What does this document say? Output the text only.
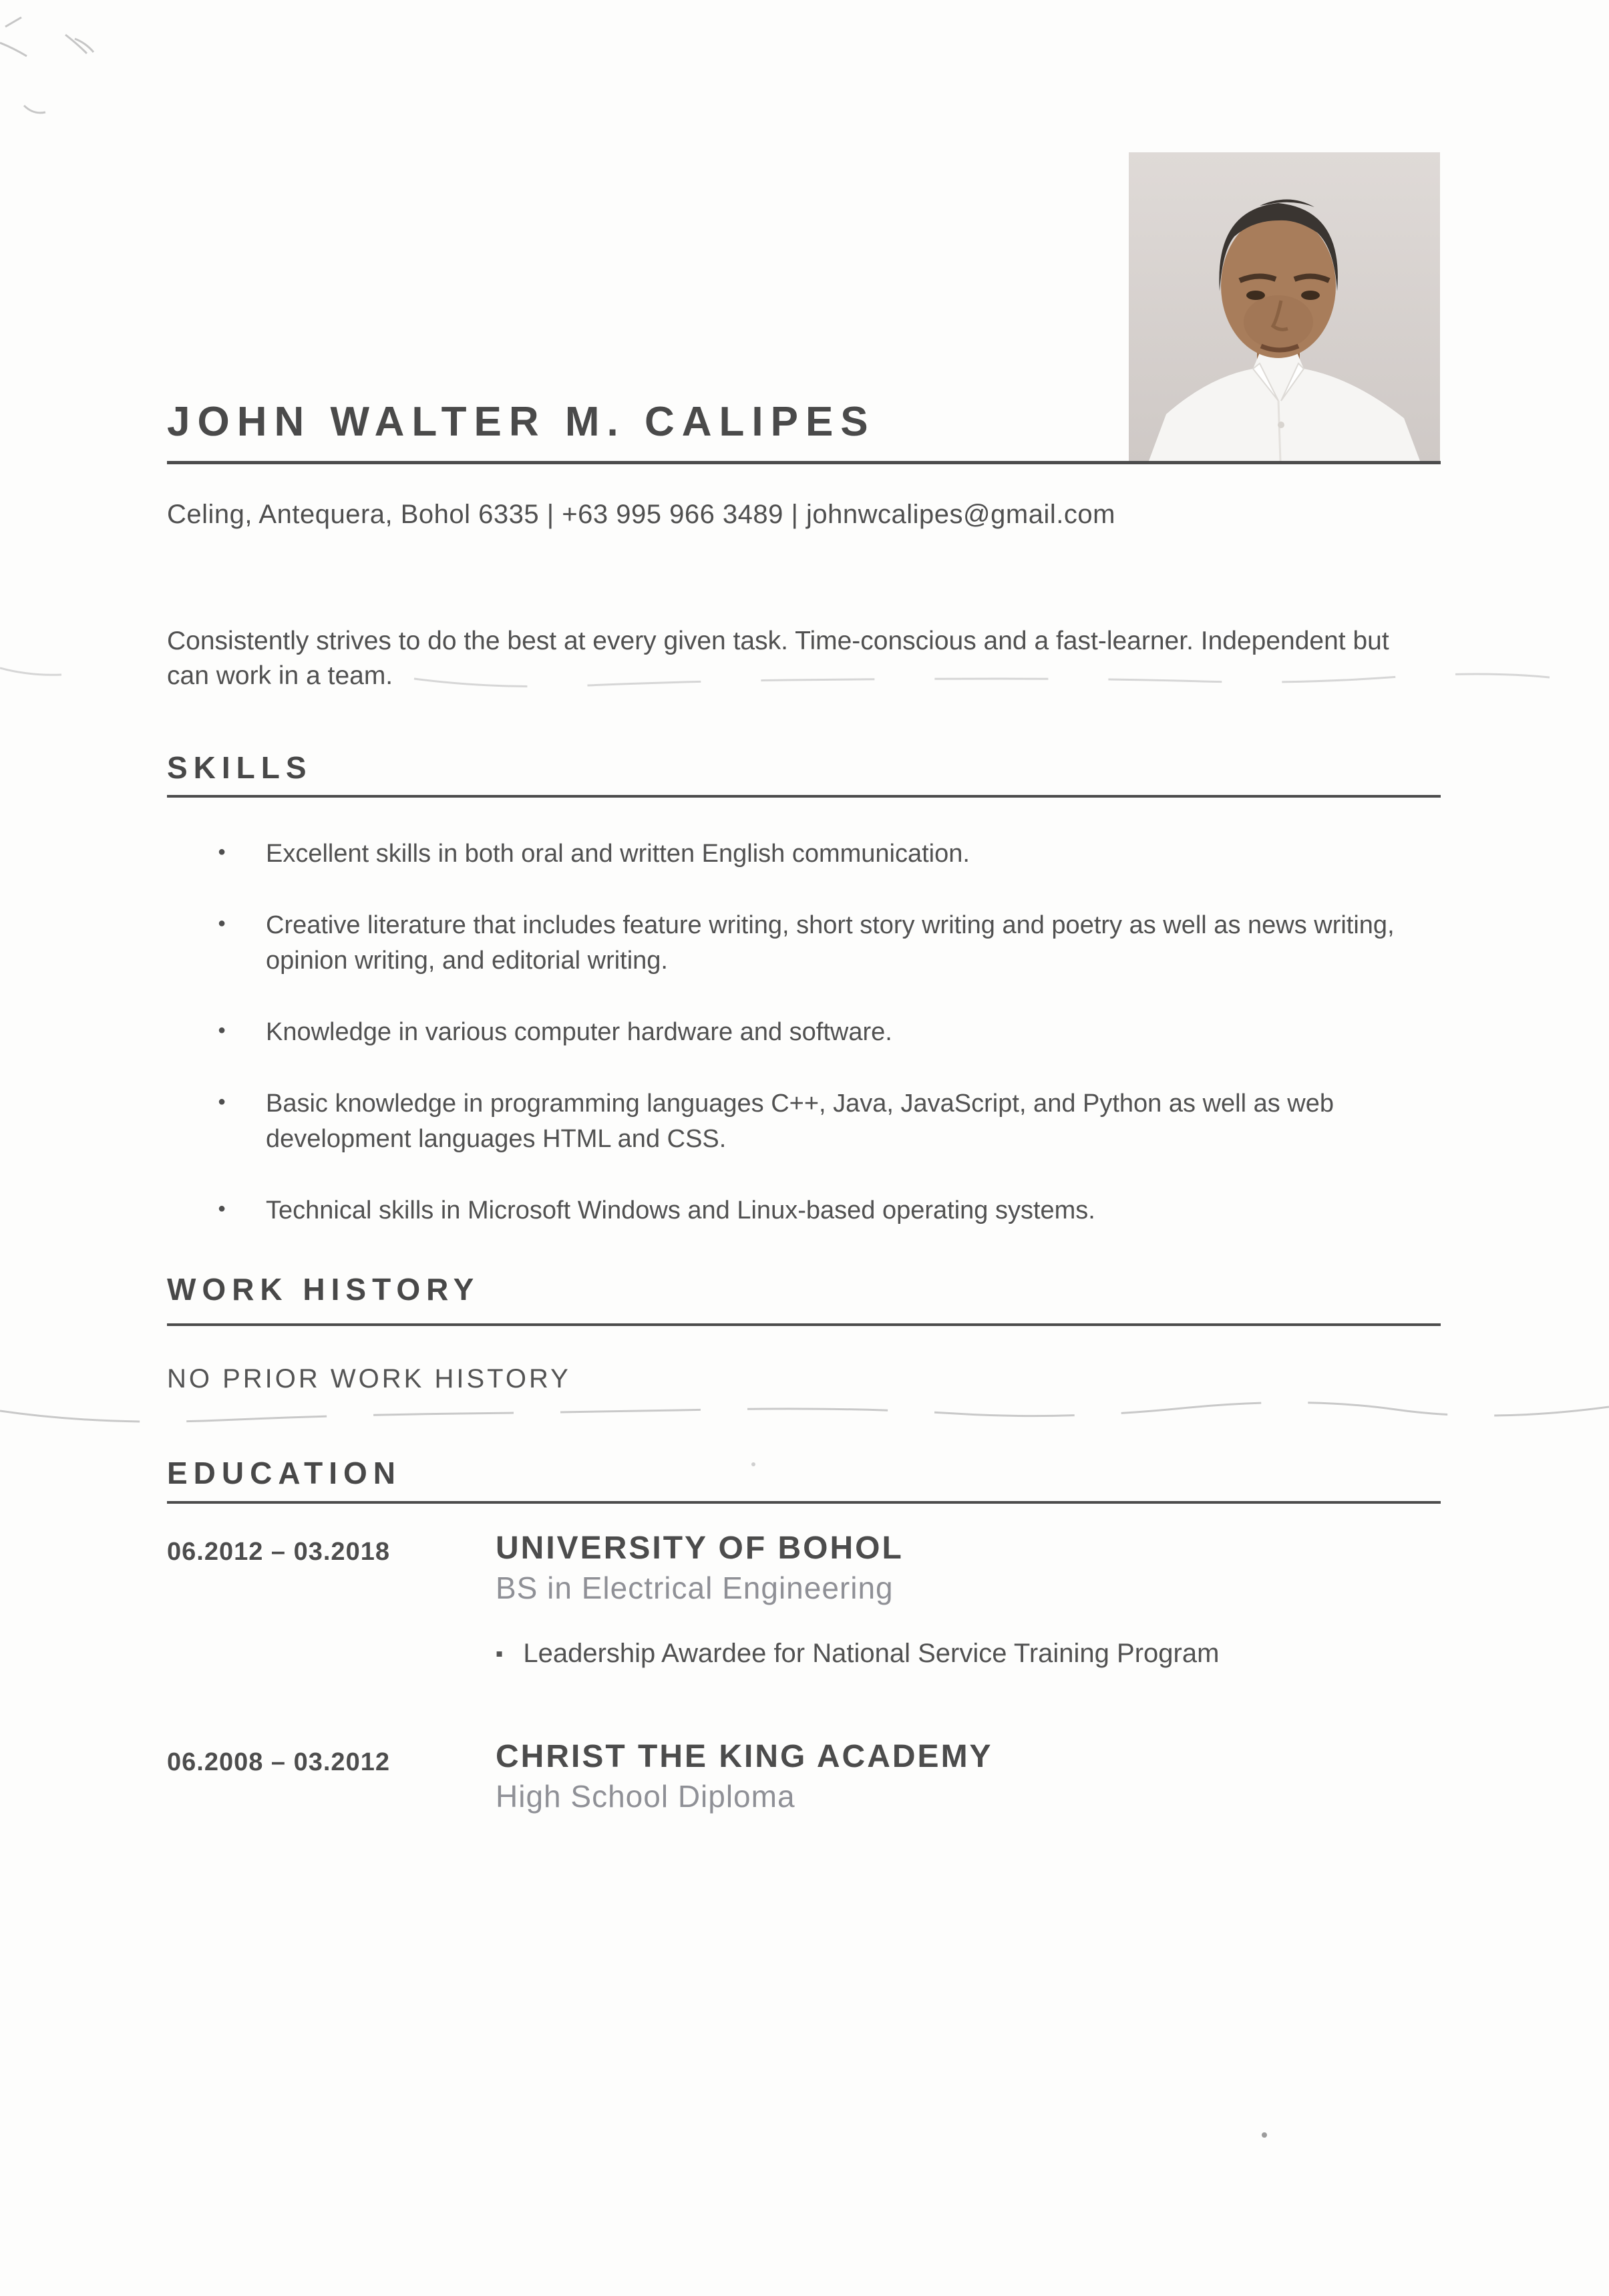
JOHN WALTER M. CALIPES
Celing, Antequera, Bohol 6335 | +63 995 966 3489 | johnwcalipes@gmail.com

Consistently strives to do the best at every given task. Time-conscious and a fast-learner. Independent but can work in a team.

SKILLS
● Excellent skills in both oral and written English communication.
● Creative literature that includes feature writing, short story writing and poetry as well as news writing, opinion writing, and editorial writing.
● Knowledge in various computer hardware and software.
● Basic knowledge in programming languages C++, Java, JavaScript, and Python as well as web development languages HTML and CSS.
● Technical skills in Microsoft Windows and Linux-based operating systems.
WORK HISTORY
NO PRIOR WORK HISTORY
EDUCATION
06.2012 – 03.2018	UNIVERSITY OF BOHOL
BS in Electrical Engineering
▪ Leadership Awardee for National Service Training Program
06.2008 – 03.2012	CHRIST THE KING ACADEMY
High School Diploma
